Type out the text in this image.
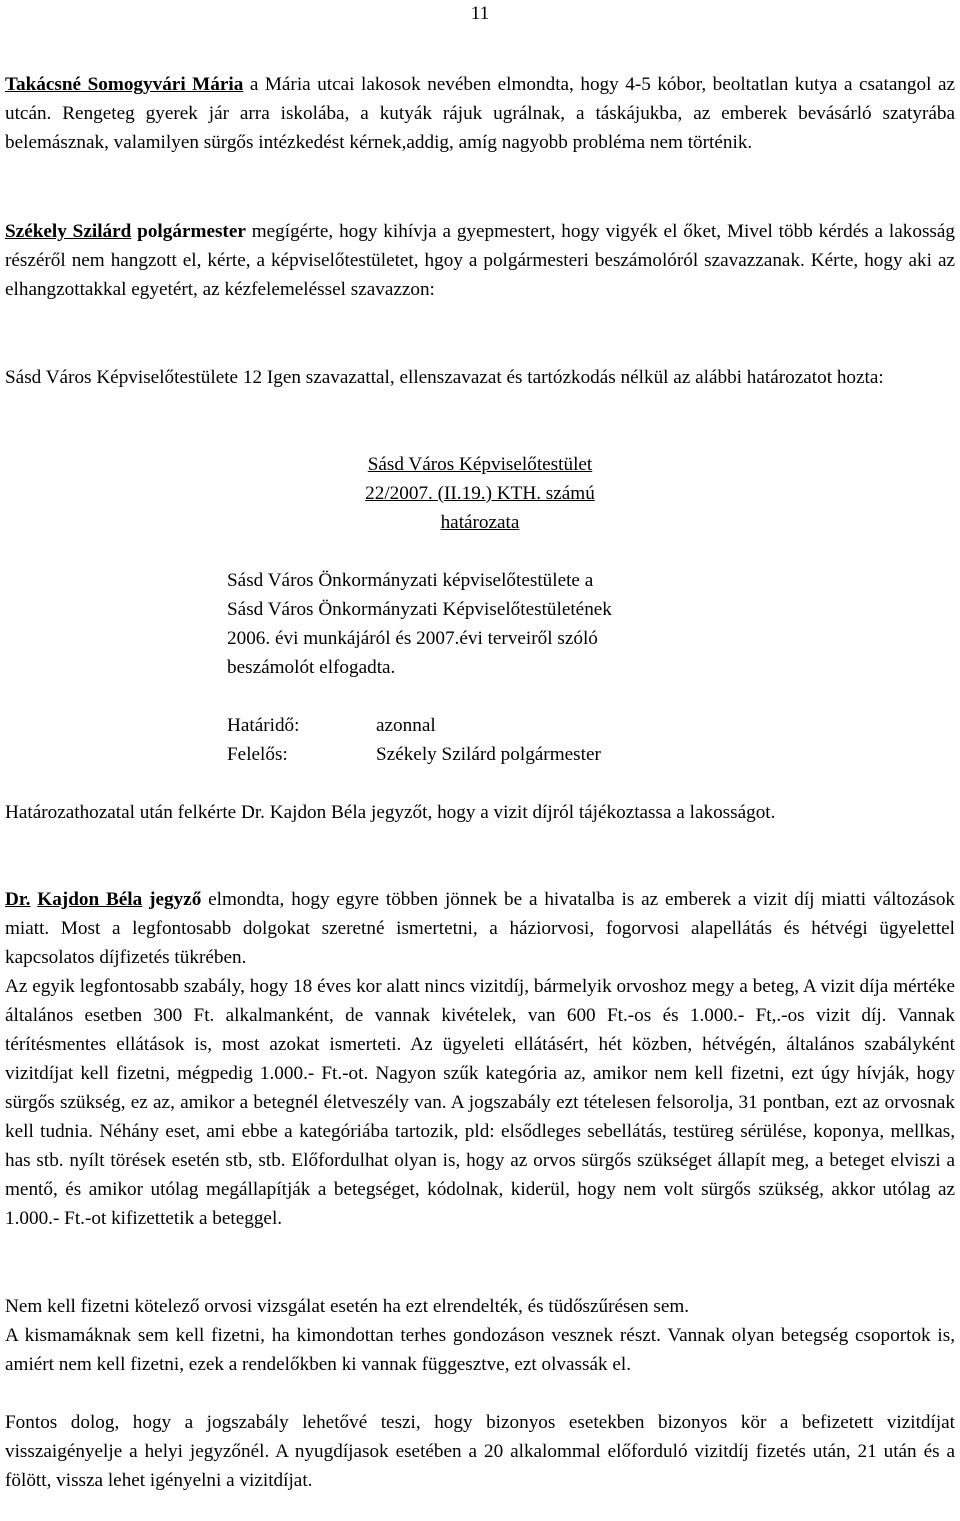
11

Takácsné Somogyvári Mária a Mária utcai lakosok nevében elmondta, hogy 4-5 kóbor, beoltatlan kutya a csatangol az utcán. Rengeteg gyerek jár arra iskolába, a kutyák rájuk ugrálnak, a táskájukba, az emberek bevásárló szatyrába belemásznak, valamilyen sürgős intézkedést kérnek,addig, amíg nagyobb probléma nem történik.

Székely Szilárd polgármester megígérte, hogy kihívja a gyepmestert, hogy vigyék el őket, Mivel több kérdés a lakosság részéről nem hangzott el, kérte, a képviselőtestületet, hgoy a polgármesteri beszámolóról szavazzanak. Kérte, hogy aki az elhangzottakkal egyetért, az kézfelemeléssel szavazzon:

Sásd Város Képviselőtestülete 12 Igen szavazattal, ellenszavazat és tartózkodás nélkül az alábbi határozatot hozta:

Sásd Város Képviselőtestület
22/2007. (II.19.) KTH. számú
határozata
Sásd Város Önkormányzati képviselőtestülete a
Sásd Város Önkormányzati Képviselőtestületének
2006. évi munkájáról és 2007.évi terveiről szóló
beszámolót elfogadta.
Határidő:	azonnal
Felelős:	Székely Szilárd polgármester

Határozathozatal után felkérte Dr. Kajdon Béla jegyzőt, hogy a vizit díjról tájékoztassa a lakosságot.

Dr. Kajdon Béla jegyző elmondta, hogy egyre többen jönnek be a hivatalba is az emberek a vizit díj miatti változások miatt. Most a legfontosabb dolgokat szeretné ismertetni, a háziorvosi, fogorvosi alapellátás és hétvégi ügyelettel kapcsolatos díjfizetés tükrében.

Az egyik legfontosabb szabály, hogy 18 éves kor alatt nincs vizitdíj, bármelyik orvoshoz megy a beteg, A vizit díja mértéke általános esetben 300 Ft. alkalmanként, de vannak kivételek, van 600 Ft.-os és 1.000.- Ft,.-os vizit díj. Vannak térítésmentes ellátások is, most azokat ismerteti. Az ügyeleti ellátásért, hét közben, hétvégén, általános szabályként vizitdíjat kell fizetni, mégpedig 1.000.- Ft.-ot. Nagyon szűk kategória az, amikor nem kell fizetni, ezt úgy hívják, hogy sürgős szükség, ez az, amikor a betegnél életveszély van. A jogszabály ezt tételesen felsorolja, 31 pontban, ezt az orvosnak kell tudnia. Néhány eset, ami ebbe a kategóriába tartozik, pld: elsődleges sebellátás, testüreg sérülése, koponya, mellkas, has stb. nyílt törések esetén stb, stb. Előfordulhat olyan is, hogy az orvos sürgős szükséget állapít meg, a beteget elviszi a mentő, és amikor utólag megállapítják a betegséget, kódolnak, kiderül, hogy nem volt sürgős szükség, akkor utólag az 1.000.- Ft.-ot kifizettetik a beteggel.

Nem kell fizetni kötelező orvosi vizsgálat esetén ha ezt elrendelték, és tüdőszűrésen sem.

A kismamáknak sem kell fizetni, ha kimondottan terhes gondozáson vesznek részt. Vannak olyan betegség csoportok is, amiért nem kell fizetni, ezek a rendelőkben ki vannak függesztve, ezt olvassák el.

Fontos dolog, hogy a jogszabály lehetővé teszi, hogy bizonyos esetekben bizonyos kör a befizetett vizitdíjat visszaigényelje a helyi jegyzőnél. A nyugdíjasok esetében a 20 alkalommal előforduló vizitdíj fizetés után, 21 után és a fölött, vissza lehet igényelni a vizitdíjat.
